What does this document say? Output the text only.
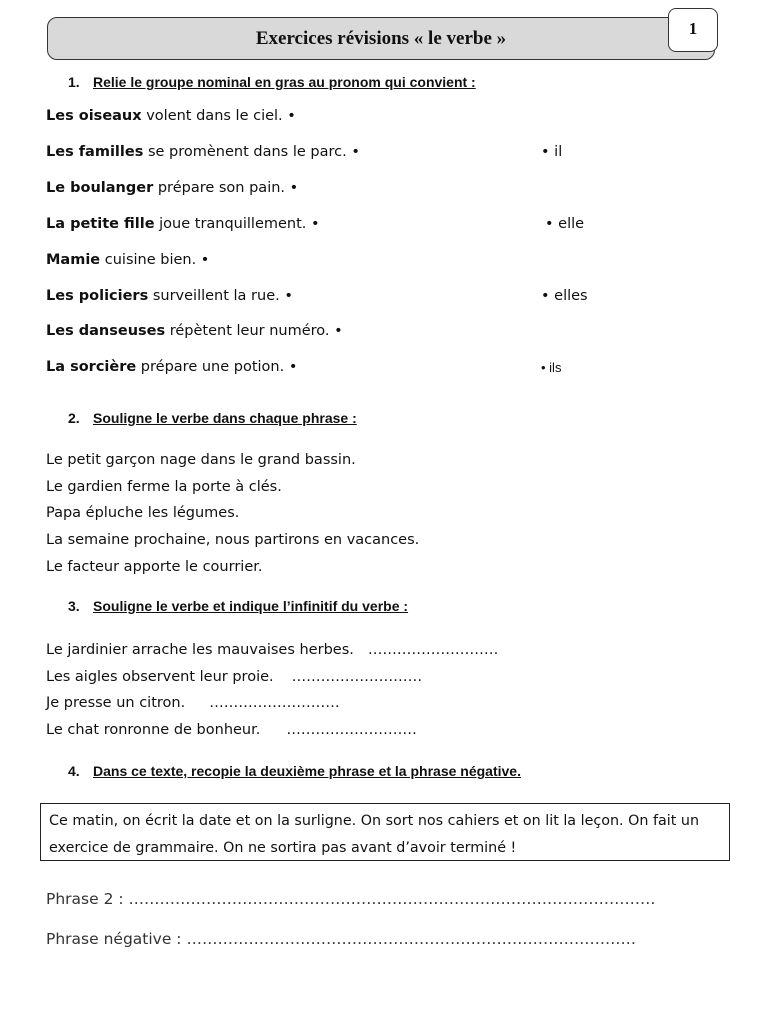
Exercices révisions « le verbe »	1
1. Relie le groupe nominal en gras au pronom qui convient :
Les oiseaux volent dans le ciel. •
Les familles se promènent dans le parc. •
Le boulanger prépare son pain. •
La petite fille joue tranquillement. •
Mamie cuisine bien. •
Les policiers surveillent la rue. •
Les danseuses répètent leur numéro. •
La sorcière prépare une potion. •
• il
• elle
• elles
• ils
2. Souligne le verbe dans chaque phrase :
Le petit garçon nage dans le grand bassin.
Le gardien ferme la porte à clés.
Papa épluche les légumes.
La semaine prochaine, nous partirons en vacances.
Le facteur apporte le courrier.
3. Souligne le verbe et indique l’infinitif du verbe :
Le jardinier arrache les mauvaises herbes. ………………………
Les aigles observent leur proie. ………………………
Je presse un citron. ………………………
Le chat ronronne de bonheur. ………………………
4. Dans ce texte, recopie la deuxième phrase et la phrase négative.
Ce matin, on écrit la date et on la surligne. On sort nos cahiers et on lit la leçon. On fait un exercice de grammaire. On ne sortira pas avant d’avoir terminé !
Phrase 2 : …………………………………………………………………………………………
Phrase négative : ……………………………………………………………………………
